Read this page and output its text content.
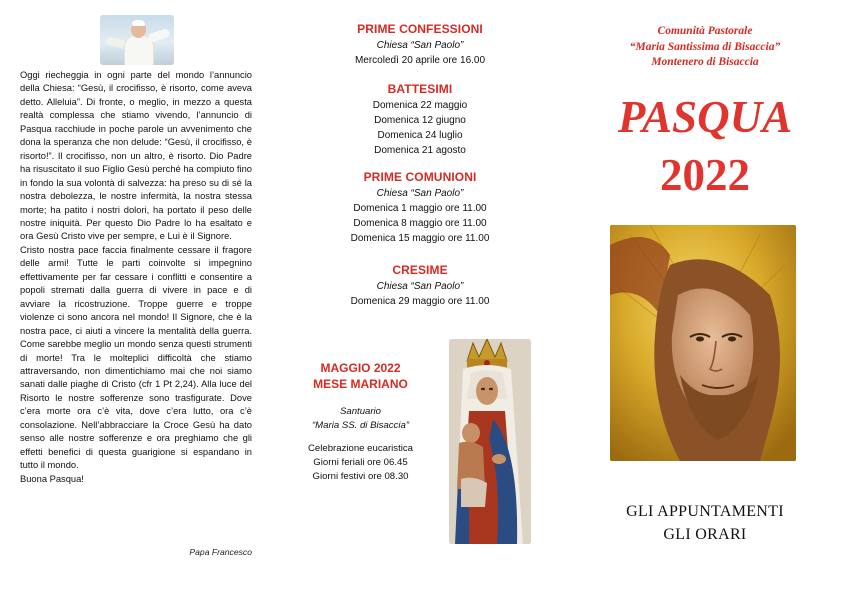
Oggi riecheggia in ogni parte del mondo l’annuncio della Chiesa: “Gesù, il crocifisso, è risorto, come aveva detto. Alleluia”. Di fronte, o meglio, in mezzo a questa realtà complessa che stiamo vivendo, l’annuncio di Pasqua racchiude in poche parole un avvenimento che dona la speranza che non delude: “Gesù, il crocifisso, è risorto!”. Il crocifisso, non un altro, è risorto. Dio Padre ha risuscitato il suo Figlio Gesù perché ha compiuto fino in fondo la sua volontà di salvezza: ha preso su di sé la nostra debolezza, le nostre infermità, la nostra stessa morte; ha patito i nostri dolori, ha portato il peso delle nostre iniquità. Per questo Dio Padre lo ha esaltato e ora Gesù Cristo vive per sempre, e Lui è il Signore.

Cristo nostra pace faccia finalmente cessare il fragore delle armi! Tutte le parti coinvolte si impegnino effettivamente per far cessare i conflitti e consentire a popoli stremati dalla guerra di vivere in pace e di avviare la ricostruzione. Troppe guerre e troppe violenze ci sono ancora nel mondo! Il Signore, che è la nostra pace, ci aiuti a vincere la mentalità della guerra. Come sarebbe meglio un mondo senza questi strumenti di morte! Tra le molteplici difficoltà che stiamo attraversando, non dimentichiamo mai che noi siamo sanati dalle piaghe di Cristo (cfr 1 Pt 2,24). Alla luce del Risorto le nostre sofferenze sono trasfigurate. Dove c’era morte ora c’è vita, dove c’era lutto, ora c’è consolazione. Nell’abbracciare la Croce Gesù ha dato senso alle nostre sofferenze e ora preghiamo che gli effetti benefici di questa guarigione si espandano in tutto il mondo.

Buona Pasqua!

Papa Francesco
PRIME CONFESSIONI
Chiesa “San Paolo”
Mercoledì 20 aprile ore 16.00
BATTESIMI
Domenica 22 maggio
Domenica 12 giugno
Domenica 24 luglio
Domenica 21 agosto
PRIME COMUNIONI
Chiesa “San Paolo”
Domenica 1 maggio ore 11.00
Domenica 8 maggio ore 11.00
Domenica 15 maggio ore 11.00
CRESIME
Chiesa “San Paolo”
Domenica 29 maggio ore 11.00
MAGGIO 2022
MESE MARIANO
Santuario
“Maria SS. di Bisaccia”
Celebrazione eucaristica
Giorni feriali ore 06.45
Giorni festivi ore 08.30
Comunità Pastorale
“Maria Santissima di Bisaccia”
Montenero di Bisaccia
PASQUA
2022
GLI APPUNTAMENTI
GLI ORARI
